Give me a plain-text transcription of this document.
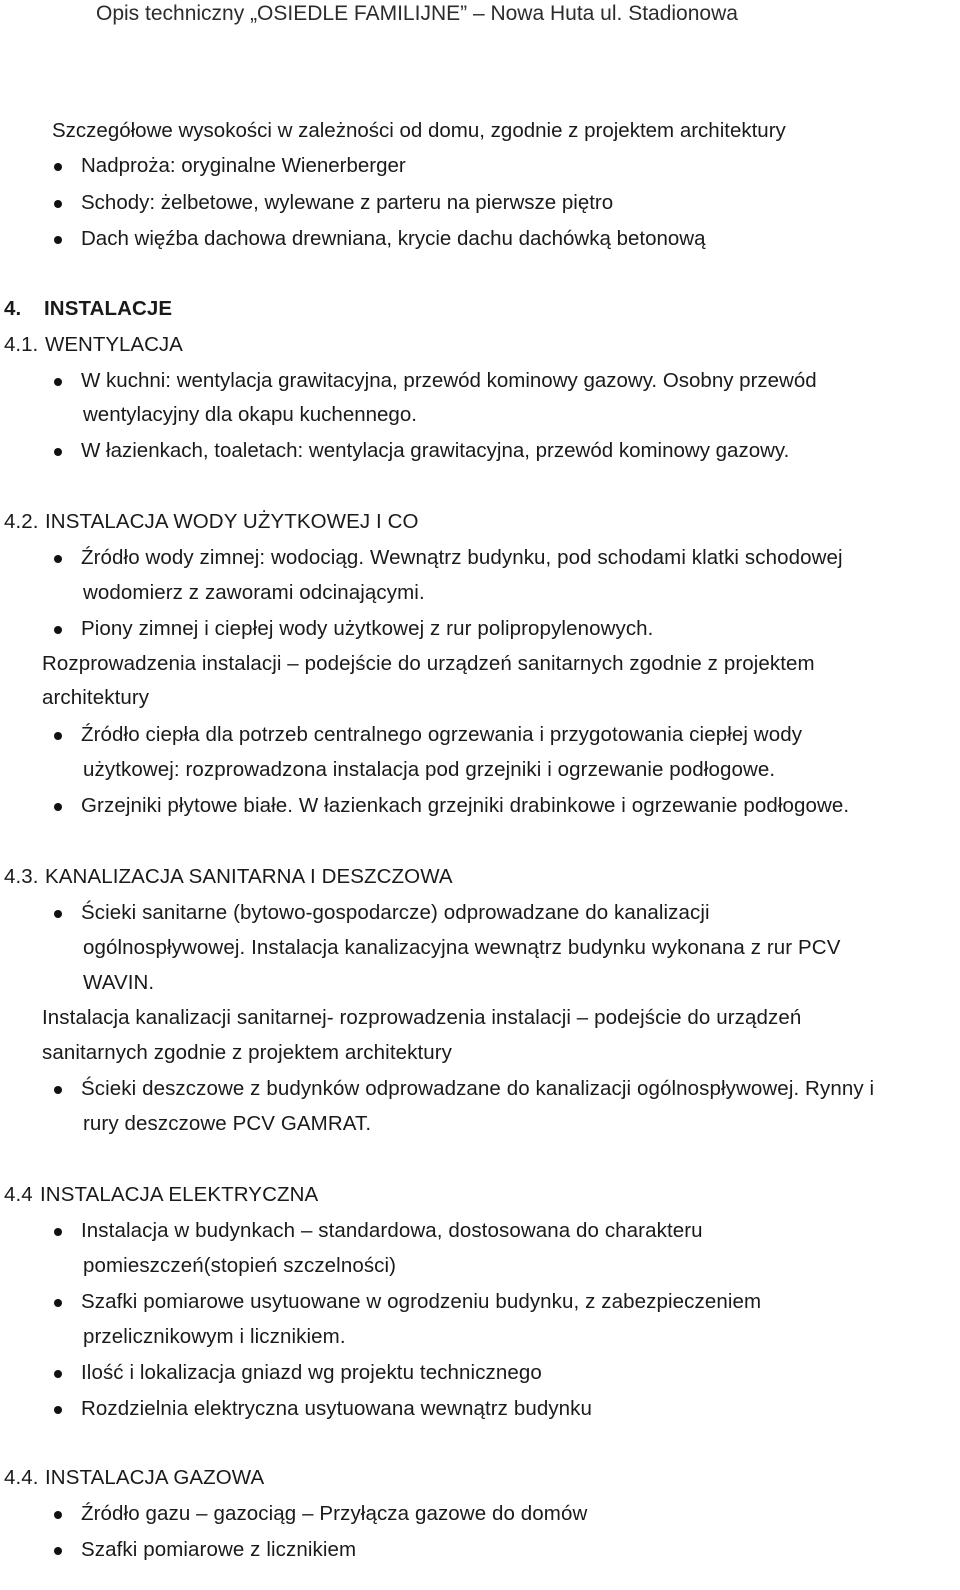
Opis techniczny „OSIEDLE FAMILIJNE” – Nowa Huta ul. Stadionowa
Szczegółowe wysokości w zależności od domu, zgodnie z projektem architektury
Nadproża: oryginalne Wienerberger
Schody: żelbetowe, wylewane z parteru na pierwsze piętro
Dach więźba dachowa drewniana, krycie dachu dachówką betonową
4. INSTALACJE
4.1. WENTYLACJA
W kuchni: wentylacja grawitacyjna, przewód kominowy gazowy. Osobny przewód
wentylacyjny dla okapu kuchennego.
W łazienkach, toaletach: wentylacja grawitacyjna, przewód kominowy gazowy.
4.2. INSTALACJA WODY UŻYTKOWEJ I CO
Źródło wody zimnej: wodociąg. Wewnątrz budynku, pod schodami klatki schodowej
wodomierz z zaworami odcinającymi.
Piony zimnej i ciepłej wody użytkowej z rur polipropylenowych.
Rozprowadzenia instalacji – podejście do urządzeń sanitarnych zgodnie z projektem
architektury
Źródło ciepła dla potrzeb centralnego ogrzewania i przygotowania ciepłej wody
użytkowej: rozprowadzona instalacja pod grzejniki i ogrzewanie podłogowe.
Grzejniki płytowe białe. W łazienkach grzejniki drabinkowe i ogrzewanie podłogowe.
4.3. KANALIZACJA SANITARNA I DESZCZOWA
Ścieki sanitarne (bytowo-gospodarcze) odprowadzane do kanalizacji
ogólnospływowej. Instalacja kanalizacyjna wewnątrz budynku wykonana z rur PCV
WAVIN.
Instalacja kanalizacji sanitarnej- rozprowadzenia instalacji – podejście do urządzeń
sanitarnych zgodnie z projektem architektury
Ścieki deszczowe z budynków odprowadzane do kanalizacji ogólnospływowej. Rynny i
rury deszczowe PCV GAMRAT.
4.4 INSTALACJA ELEKTRYCZNA
Instalacja w budynkach – standardowa, dostosowana do charakteru
pomieszczeń(stopień szczelności)
Szafki pomiarowe usytuowane w ogrodzeniu budynku, z zabezpieczeniem
przelicznikowym i licznikiem.
Ilość i lokalizacja gniazd wg projektu technicznego
Rozdzielnia elektryczna usytuowana wewnątrz budynku
4.4. INSTALACJA GAZOWA
Źródło gazu – gazociąg – Przyłącza gazowe do domów
Szafki pomiarowe z licznikiem
